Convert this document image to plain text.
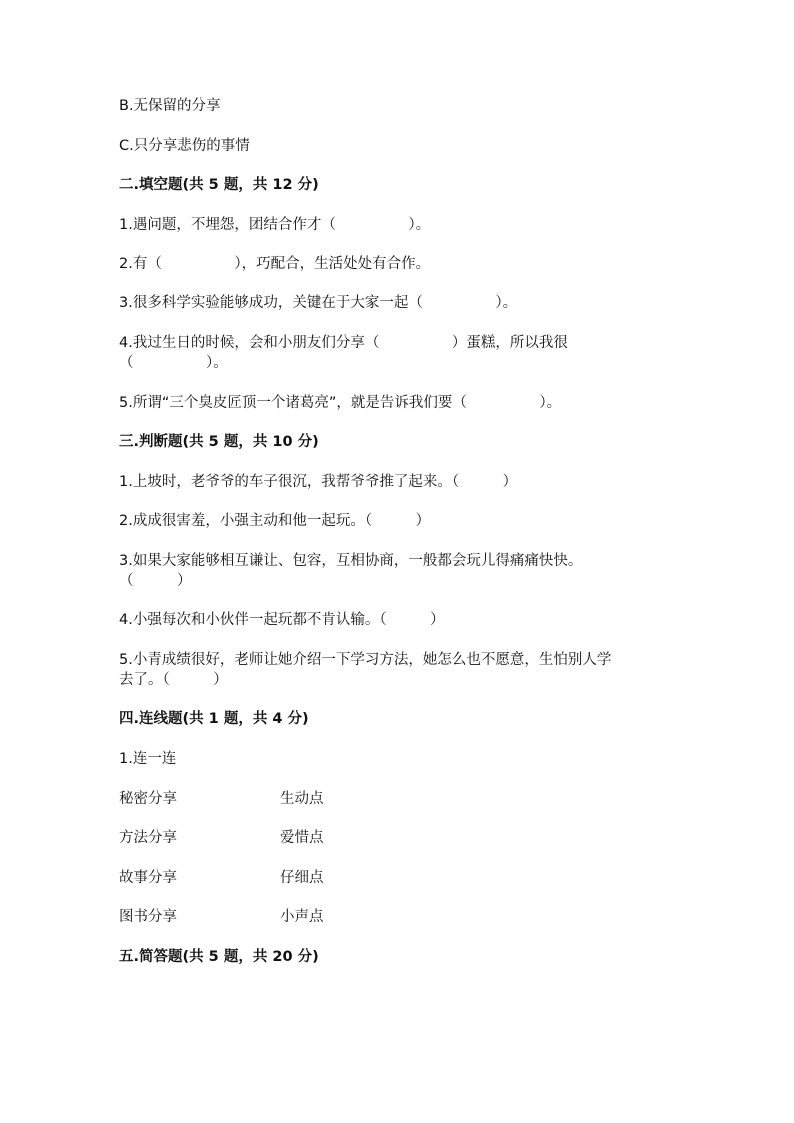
B.无保留的分享
C.只分享悲伤的事情
二.填空题(共 5 题，共 12 分)
1.遇问题，不埋怨，团结合作才（　　　　　）。
2.有（　　　　　），巧配合，生活处处有合作。
3.很多科学实验能够成功，关键在于大家一起（　　　　　）。
4.我过生日的时候，会和小朋友们分享（　　　　　）蛋糕，所以我很
（　　　　　）。
5.所谓“三个臭皮匠顶一个诸葛亮”，就是告诉我们要（　　　　　）。
三.判断题(共 5 题，共 10 分)
1.上坡时，老爷爷的车子很沉，我帮爷爷推了起来。（　　　）
2.成成很害羞，小强主动和他一起玩。（　　　）
3.如果大家能够相互谦让、包容，互相协商，一般都会玩儿得痛痛快快。
（　　　）
4.小强每次和小伙伴一起玩都不肯认输。（　　　）
5.小青成绩很好，老师让她介绍一下学习方法，她怎么也不愿意，生怕别人学
去了。（　　　）
四.连线题(共 1 题，共 4 分)
1.连一连
秘密分享	生动点
方法分享	爱惜点
故事分享	仔细点
图书分享	小声点
五.简答题(共 5 题，共 20 分)
